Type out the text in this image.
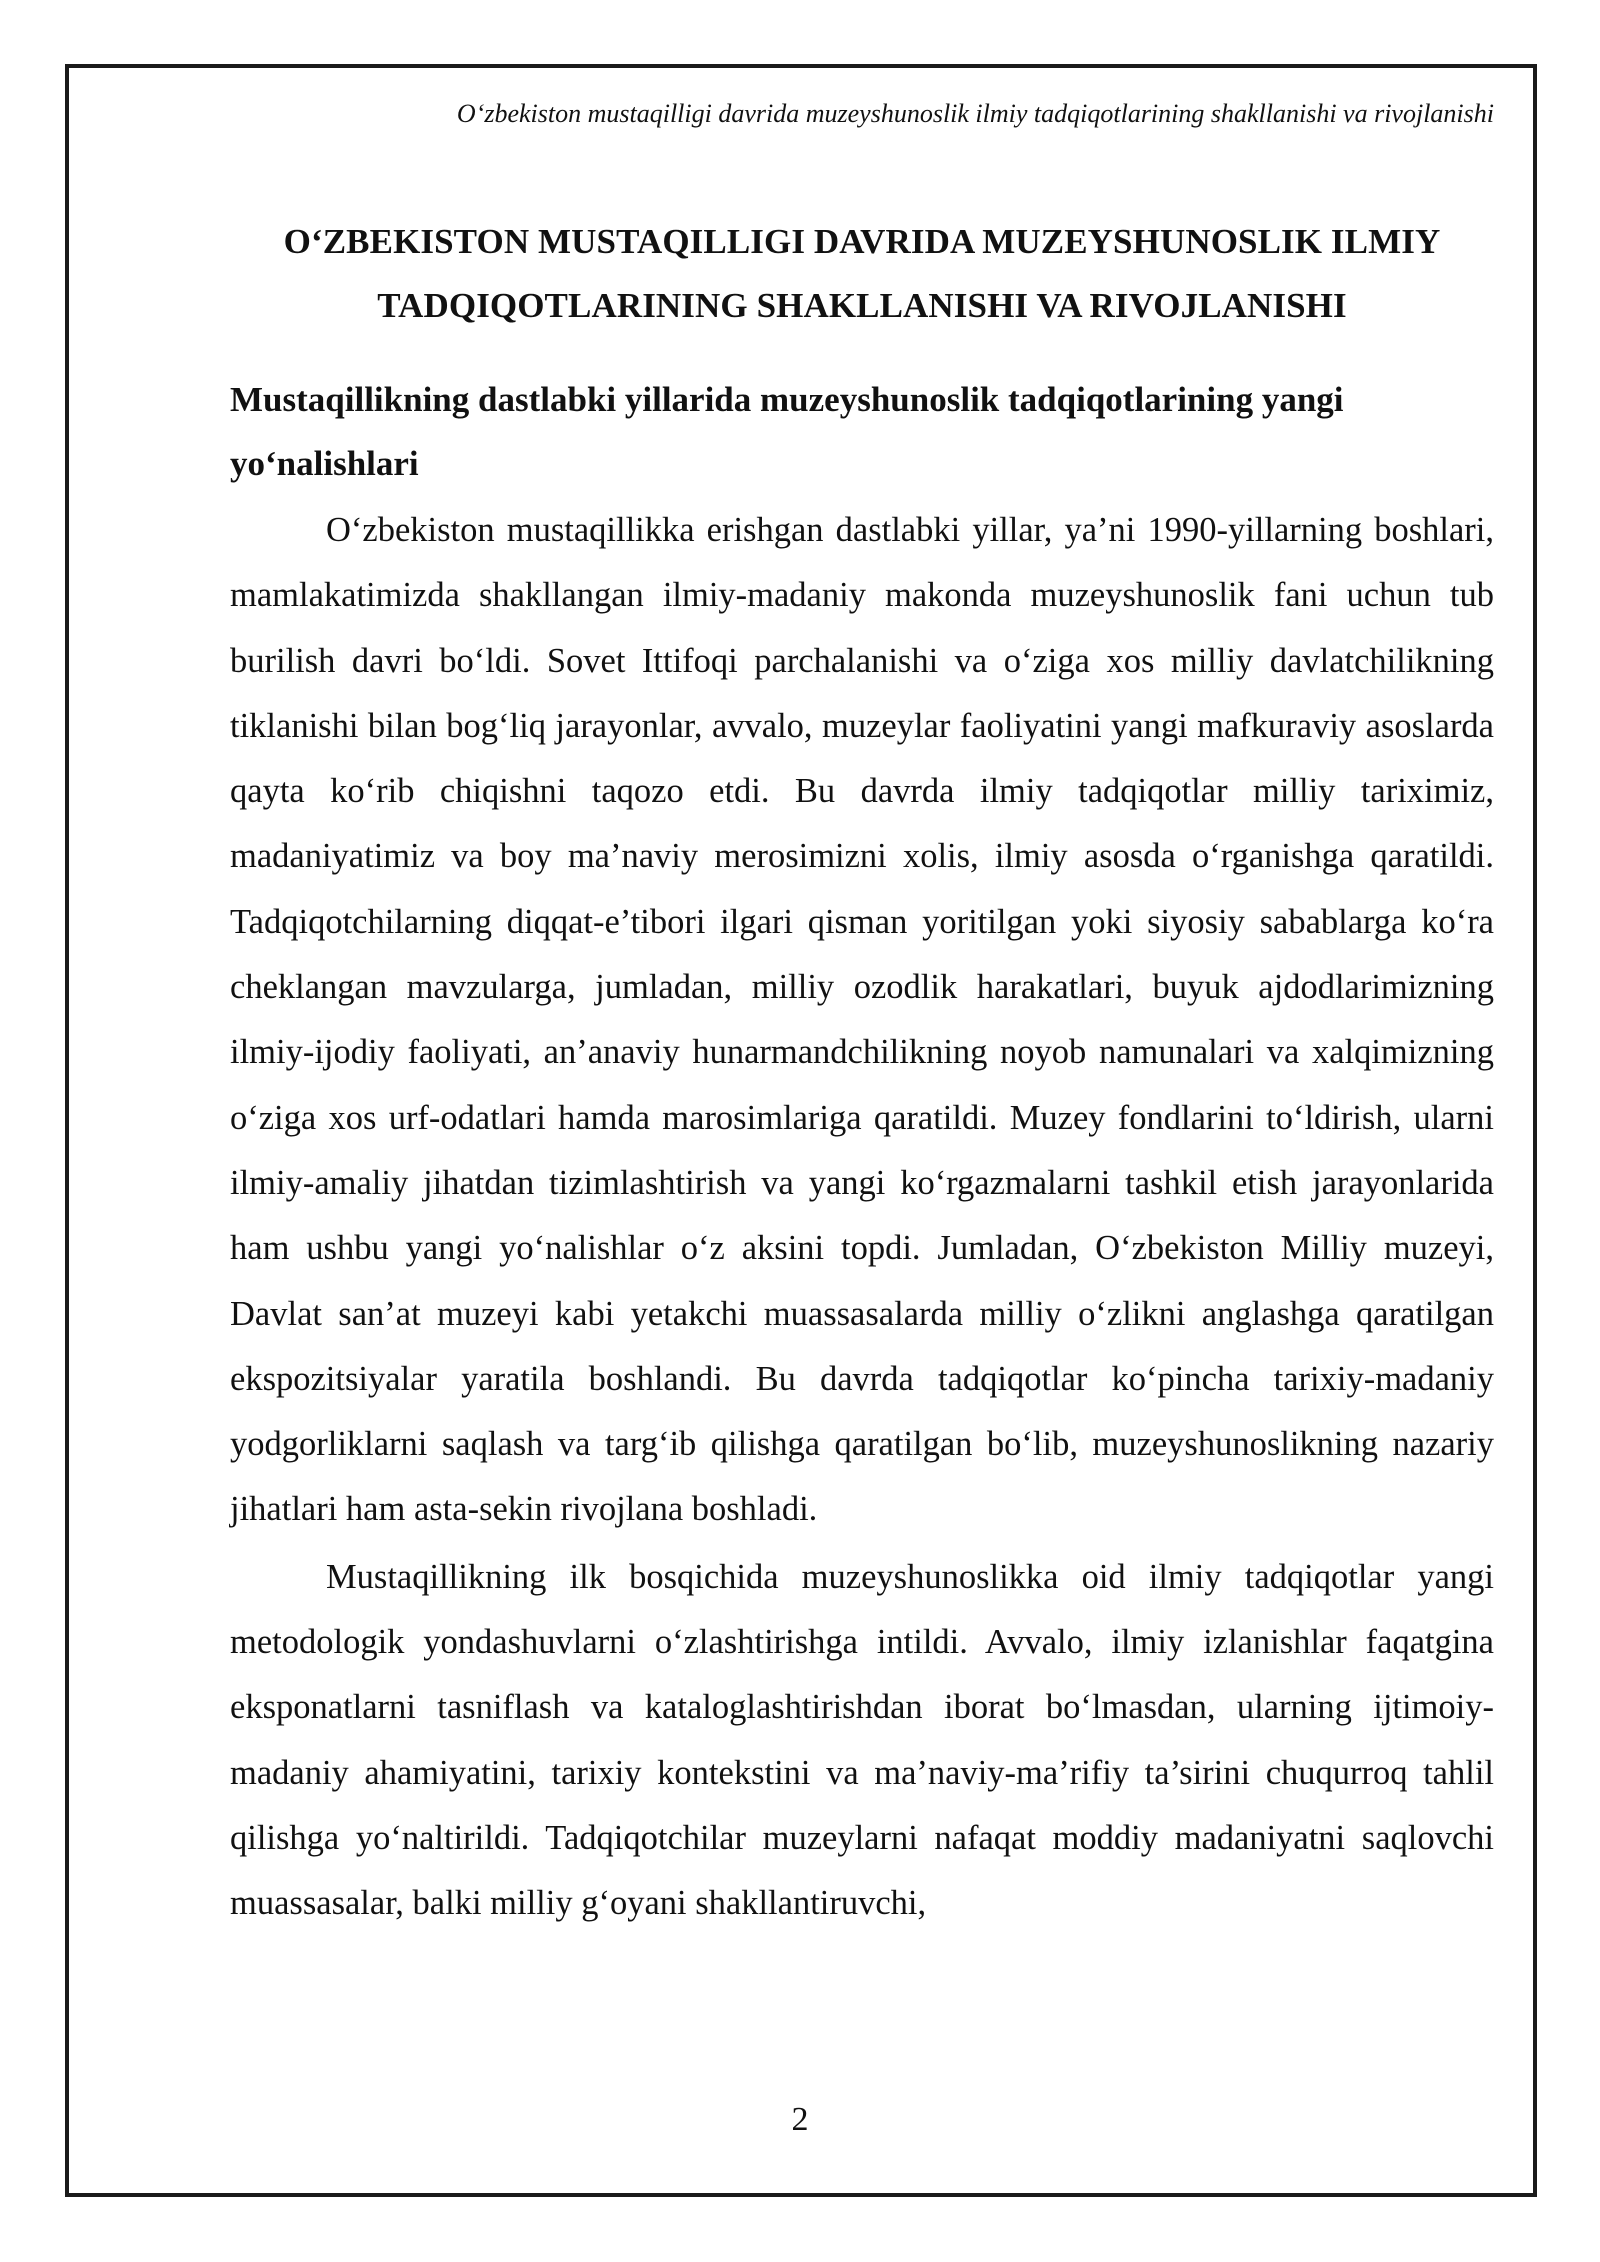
O‘zbekiston mustaqilligi davrida muzeyshunoslik ilmiy tadqiqotlarining shakllanishi va rivojlanishi
O‘ZBEKISTON MUSTAQILLIGI DAVRIDA MUZEYSHUNOSLIK ILMIY TADQIQOTLARINING SHAKLLANISHI VA RIVOJLANISHI
Mustaqillikning dastlabki yillarida muzeyshunoslik tadqiqotlarining yangi yo‘nalishlari

O‘zbekiston mustaqillikka erishgan dastlabki yillar, ya’ni 1990-yillarning boshlari, mamlakatimizda shakllangan ilmiy-madaniy makonda muzeyshunoslik fani uchun tub burilish davri bo‘ldi. Sovet Ittifoqi parchalanishi va o‘ziga xos milliy davlatchilikning tiklanishi bilan bog‘liq jarayonlar, avvalo, muzeylar faoliyatini yangi mafkuraviy asoslarda qayta ko‘rib chiqishni taqozo etdi. Bu davrda ilmiy tadqiqotlar milliy tariximiz, madaniyatimiz va boy ma’naviy merosimizni xolis, ilmiy asosda o‘rganishga qaratildi. Tadqiqotchilarning diqqat-e’tibori ilgari qisman yoritilgan yoki siyosiy sabablarga ko‘ra cheklangan mavzularga, jumladan, milliy ozodlik harakatlari, buyuk ajdodlarimizning ilmiy-ijodiy faoliyati, an’anaviy hunarmandchilikning noyob namunalari va xalqimizning o‘ziga xos urf-odatlari hamda marosimlariga qaratildi. Muzey fondlarini to‘ldirish, ularni ilmiy-amaliy jihatdan tizimlashtirish va yangi ko‘rgazmalarni tashkil etish jarayonlarida ham ushbu yangi yo‘nalishlar o‘z aksini topdi. Jumladan, O‘zbekiston Milliy muzeyi, Davlat san’at muzeyi kabi yetakchi muassasalarda milliy o‘zlikni anglashga qaratilgan ekspozitsiyalar yaratila boshlandi. Bu davrda tadqiqotlar ko‘pincha tarixiy-madaniy yodgorliklarni saqlash va targ‘ib qilishga qaratilgan bo‘lib, muzeyshunoslikning nazariy jihatlari ham asta-sekin rivojlana boshladi.

Mustaqillikning ilk bosqichida muzeyshunoslikka oid ilmiy tadqiqotlar yangi metodologik yondashuvlarni o‘zlashtirishga intildi. Avvalo, ilmiy izlanishlar faqatgina eksponatlarni tasniflash va kataloglashtirishdan iborat bo‘lmasdan, ularning ijtimoiy-madaniy ahamiyatini, tarixiy kontekstini va ma’naviy-ma’rifiy ta’sirini chuqurroq tahlil qilishga yo‘naltirildi. Tadqiqotchilar muzeylarni nafaqat moddiy madaniyatni saqlovchi muassasalar, balki milliy g‘oyani shakllantiruvchi,

2
